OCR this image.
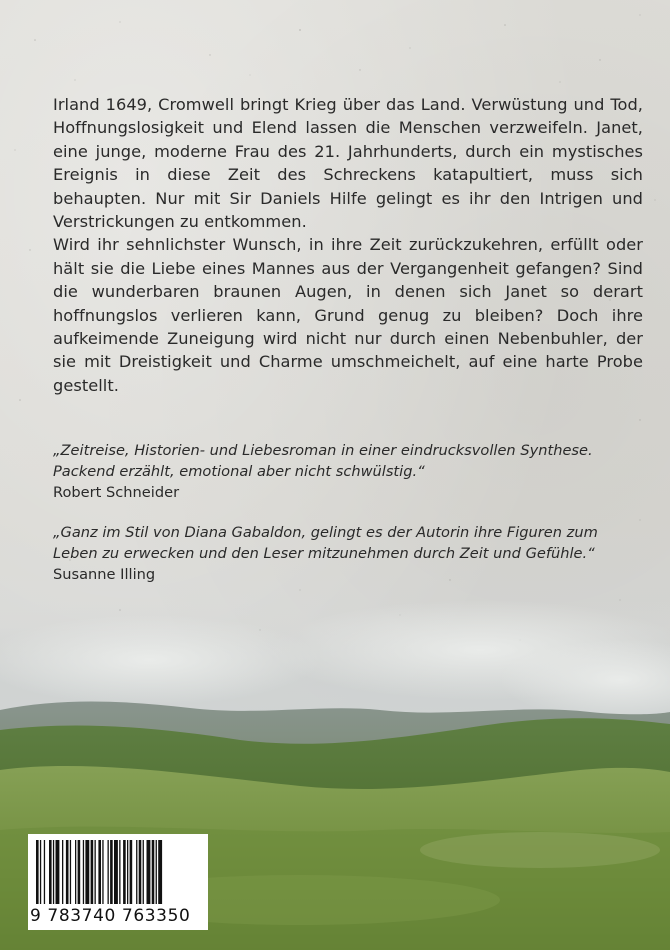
Irland 1649, Cromwell bringt Krieg über das Land. Verwüstung und Tod, Hoffnungslosigkeit und Elend lassen die Menschen verzweifeln. Janet, eine junge, moderne Frau des 21. Jahrhunderts, durch ein mystisches Ereignis in diese Zeit des Schreckens katapultiert, muss sich behaupten. Nur mit Sir Daniels Hilfe gelingt es ihr den Intrigen und Verstrickungen zu entkommen.

Wird ihr sehnlichster Wunsch, in ihre Zeit zurückzukehren, erfüllt oder hält sie die Liebe eines Mannes aus der Vergangenheit gefangen? Sind die wunderbaren braunen Augen, in denen sich Janet so derart hoffnungslos verlieren kann, Grund genug zu bleiben? Doch ihre aufkeimende Zuneigung wird nicht nur durch einen Nebenbuhler, der sie mit Dreistigkeit und Charme umschmeichelt, auf eine harte Probe gestellt.

„Zeitreise, Historien- und Liebesroman in einer eindrucksvollen Synthese. Packend erzählt, emotional aber nicht schwülstig.“
Robert Schneider
„Ganz im Stil von Diana Gabaldon, gelingt es der Autorin ihre Figuren zum Leben zu erwecken und den Leser mitzunehmen durch Zeit und Gefühle.“
Susanne Illing
9 783740 763350
